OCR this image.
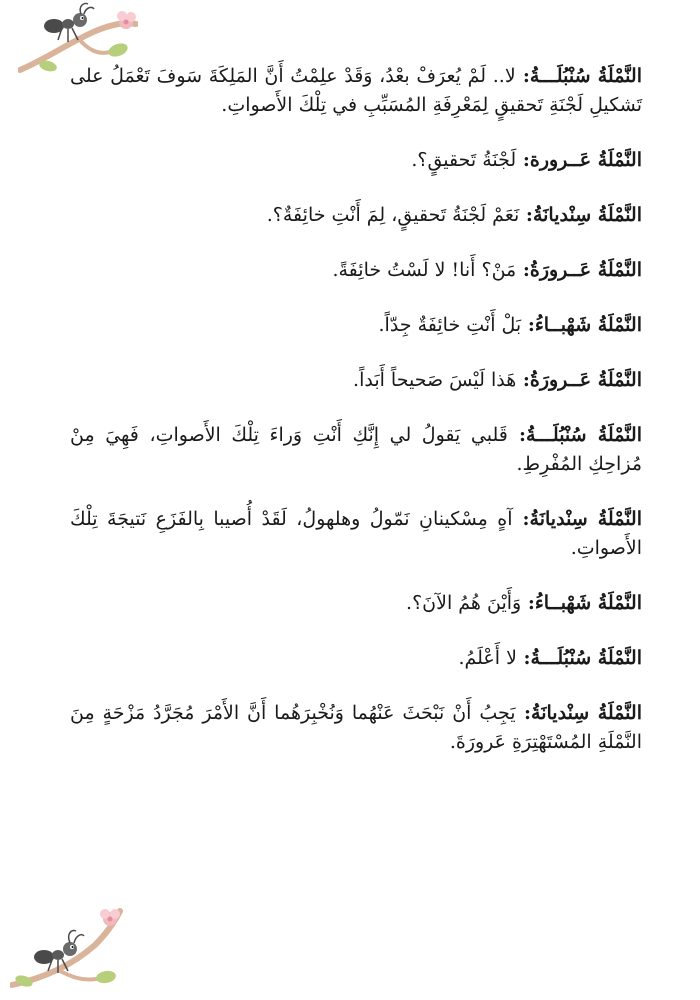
النَّمْلَةُ سُنْبُلَـــةُ: لا.. لَمْ يُعرَفْ بعْدُ، وَقَدْ علِمْتُ أَنَّ المَلِكَةَ سَوفَ تَعْمَلُ على تَشكيلِ لَجْنَةِ تَحقيقٍ لِمَعْرِفَةِ المُسَبِّبِ في تِلْكَ الأَصواتِ.

النَّمْلَةُ عَــرورة: لَجْنَةُ تَحقيقٍ؟.

النَّمْلَةُ سِنْديانَةُ: نَعَمْ لَجْنَةُ تَحقيقٍ، لِمَ أَنْتِ خائِفَةٌ؟.

النَّمْلَةُ عَــرورَةُ: مَنْ؟ أَنا! لا لَسْتُ خائِفَةً.

النَّمْلَةُ شَهْبــاءُ: بَلْ أَنْتِ خائِفَةٌ جِدّاً.

النَّمْلَةُ عَــرورَةُ: هَذا لَيْسَ صَحيحاً أَبَداً.

النَّمْلَةُ سُنْبُلَـــةُ: قَلبي يَقولُ لي إِنَّكِ أَنْتِ وَراءَ تِلْكَ الأَصواتِ، فَهِيَ مِنْ مُزاحِكِ المُفْرِطِ.

النَّمْلَةُ سِنْديانَةُ: آهٍ مِسْكينانِ نَمّولُ وهلهولُ، لَقَدْ أُصيبا بِالفَزَعِ نَتيجَةَ تِلْكَ الأَصواتِ.

النَّمْلَةُ شَهْبــاءُ: وَأَيْنَ هُمُ الآنَ؟.

النَّمْلَةُ سُنْبُلَـــةُ: لا أَعْلَمُ.

النَّمْلَةُ سِنْديانَةُ: يَجِبُ أَنْ نَبْحَثَ عَنْهُما وَنُخْبِرَهُما أَنَّ الأَمْرَ مُجَرَّدُ مَزْحَةٍ مِنَ النَّمْلَةِ المُسْتَهْتِرَةِ عَرورَةَ.
